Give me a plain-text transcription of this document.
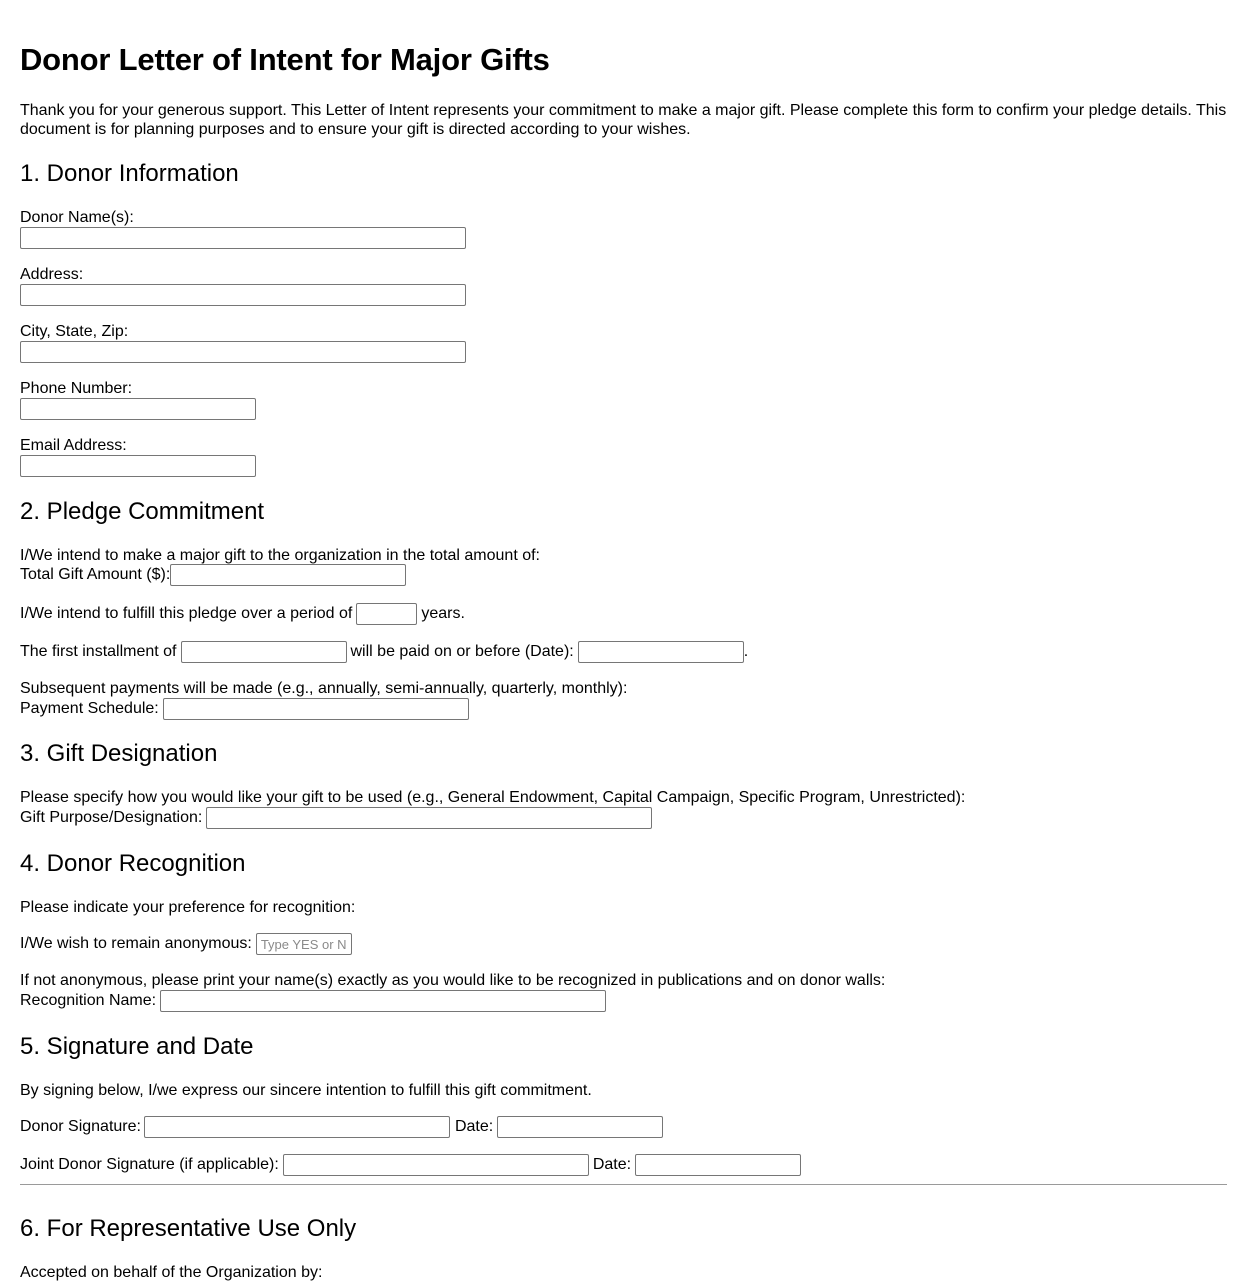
Donor Letter of Intent for Major Gifts
Thank you for your generous support. This Letter of Intent represents your commitment to make a major gift. Please complete this form to confirm your pledge details. This document is for planning purposes and to ensure your gift is directed according to your wishes.
1. Donor Information
Donor Name(s):
Address:
City, State, Zip:
Phone Number:
Email Address:
2. Pledge Commitment
I/We intend to make a major gift to the organization in the total amount of:
Total Gift Amount ($):
I/We intend to fulfill this pledge over a period of	years.
The first installment of	will be paid on or before (Date):	.
Subsequent payments will be made (e.g., annually, semi-annually, quarterly, monthly):
Payment Schedule:
3. Gift Designation
Please specify how you would like your gift to be used (e.g., General Endowment, Capital Campaign, Specific Program, Unrestricted):
Gift Purpose/Designation:
4. Donor Recognition
Please indicate your preference for recognition:
I/We wish to remain anonymous:
Type YES or NO
If not anonymous, please print your name(s) exactly as you would like to be recognized in publications and on donor walls:
Recognition Name:
5. Signature and Date
By signing below, I/we express our sincere intention to fulfill this gift commitment.
Donor Signature:	Date:
Joint Donor Signature (if applicable):	Date:
6. For Representative Use Only
Accepted on behalf of the Organization by:
